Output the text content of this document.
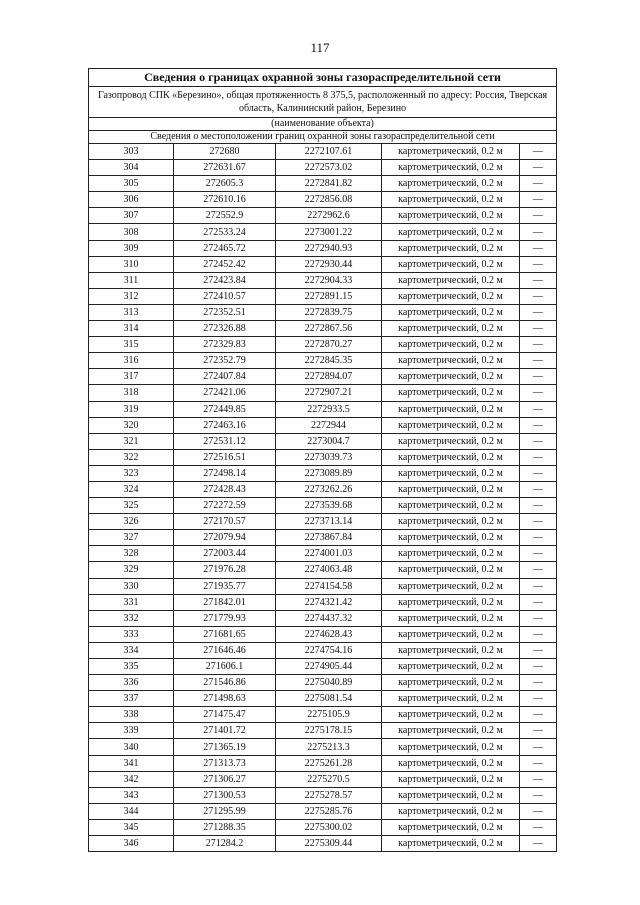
117
Сведения о границах охранной зоны газораспределительной сети				
Газопровод СПК «Березино», общая протяженность 8 375,5, расположенный по адресу: Россия, Тверская область, Калининский район, Березино				
(наименование объекта)				
Сведения о местоположении границ охранной зоны газораспределительной сети				
303	272680	2272107.61	картометрический, 0.2 м	—
304	272631.67	2272573.02	картометрический, 0.2 м	—
305	272605.3	2272841.82	картометрический, 0.2 м	—
306	272610.16	2272856.08	картометрический, 0.2 м	—
307	272552.9	2272962.6	картометрический, 0.2 м	—
308	272533.24	2273001.22	картометрический, 0.2 м	—
309	272465.72	2272940.93	картометрический, 0.2 м	—
310	272452.42	2272930.44	картометрический, 0.2 м	—
311	272423.84	2272904.33	картометрический, 0.2 м	—
312	272410.57	2272891.15	картометрический, 0.2 м	—
313	272352.51	2272839.75	картометрический, 0.2 м	—
314	272326.88	2272867.56	картометрический, 0.2 м	—
315	272329.83	2272870.27	картометрический, 0.2 м	—
316	272352.79	2272845.35	картометрический, 0.2 м	—
317	272407.84	2272894.07	картометрический, 0.2 м	—
318	272421.06	2272907.21	картометрический, 0.2 м	—
319	272449.85	2272933.5	картометрический, 0.2 м	—
320	272463.16	2272944	картометрический, 0.2 м	—
321	272531.12	2273004.7	картометрический, 0.2 м	—
322	272516.51	2273039.73	картометрический, 0.2 м	—
323	272498.14	2273089.89	картометрический, 0.2 м	—
324	272428.43	2273262.26	картометрический, 0.2 м	—
325	272272.59	2273539.68	картометрический, 0.2 м	—
326	272170.57	2273713.14	картометрический, 0.2 м	—
327	272079.94	2273867.84	картометрический, 0.2 м	—
328	272003.44	2274001.03	картометрический, 0.2 м	—
329	271976.28	2274063.48	картометрический, 0.2 м	—
330	271935.77	2274154.58	картометрический, 0.2 м	—
331	271842.01	2274321.42	картометрический, 0.2 м	—
332	271779.93	2274437.32	картометрический, 0.2 м	—
333	271681.65	2274628.43	картометрический, 0.2 м	—
334	271646.46	2274754.16	картометрический, 0.2 м	—
335	271606.1	2274905.44	картометрический, 0.2 м	—
336	271546.86	2275040.89	картометрический, 0.2 м	—
337	271498.63	2275081.54	картометрический, 0.2 м	—
338	271475.47	2275105.9	картометрический, 0.2 м	—
339	271401.72	2275178.15	картометрический, 0.2 м	—
340	271365.19	2275213.3	картометрический, 0.2 м	—
341	271313.73	2275261.28	картометрический, 0.2 м	—
342	271306.27	2275270.5	картометрический, 0.2 м	—
343	271300.53	2275278.57	картометрический, 0.2 м	—
344	271295.99	2275285.76	картометрический, 0.2 м	—
345	271288.35	2275300.02	картометрический, 0.2 м	—
346	271284.2	2275309.44	картометрический, 0.2 м	—
